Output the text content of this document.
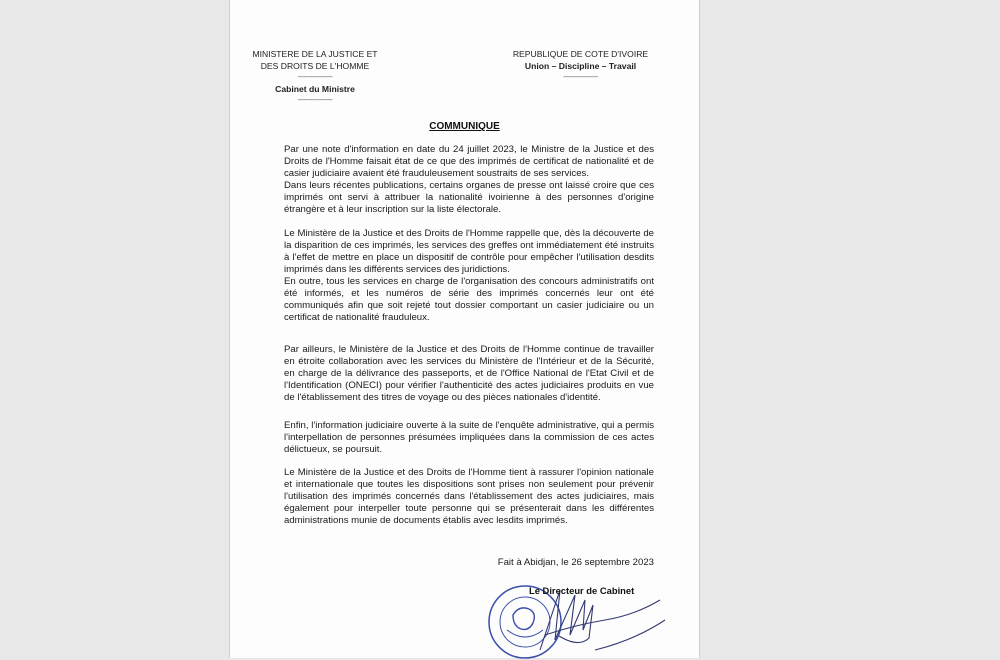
MINISTERE DE LA JUSTICE ET
DES DROITS DE L'HOMME
-------------------
Cabinet du Ministre
-------------------
REPUBLIQUE DE COTE D'IVOIRE
Union – Discipline – Travail
-------------------
COMMUNIQUE

Par une note d'information en date du 24 juillet 2023, le Ministre de la Justice et des Droits de l'Homme faisait état de ce que des imprimés de certificat de nationalité et de casier judiciaire avaient été frauduleusement soustraits de ses services.

Dans leurs récentes publications, certains organes de presse ont laissé croire que ces imprimés ont servi à attribuer la nationalité ivoirienne à des personnes d'origine étrangère et à leur inscription sur la liste électorale.

Le Ministère de la Justice et des Droits de l'Homme rappelle que, dès la découverte de la disparition de ces imprimés, les services des greffes ont immédiatement été instruits à l'effet de mettre en place un dispositif de contrôle pour empêcher l'utilisation desdits imprimés dans les différents services des juridictions.

En outre, tous les services en charge de l'organisation des concours administratifs ont été informés, et les numéros de série des imprimés concernés leur ont été communiqués afin que soit rejeté tout dossier comportant un casier judiciaire ou un certificat de nationalité frauduleux.

Par ailleurs, le Ministère de la Justice et des Droits de l'Homme continue de travailler en étroite collaboration avec les services du Ministère de l'Intérieur et de la Sécurité, en charge de la délivrance des passeports, et de l'Office National de l'Etat Civil et de l'Identification (ONECI) pour vérifier l'authenticité des actes judiciaires produits en vue de l'établissement des titres de voyage ou des pièces nationales d'identité.

Enfin, l'information judiciaire ouverte à la suite de l'enquête administrative, qui a permis l'interpellation de personnes présumées impliquées dans la commission de ces actes délictueux, se poursuit.

Le Ministère de la Justice et des Droits de l'Homme tient à rassurer l'opinion nationale et internationale que toutes les dispositions sont prises non seulement pour prévenir l'utilisation des imprimés concernés dans l'établissement des actes judiciaires, mais également pour interpeller toute personne qui se présenterait dans les différentes administrations munie de documents établis avec lesdits imprimés.

Fait à Abidjan, le 26 septembre 2023
Le Directeur de Cabinet
